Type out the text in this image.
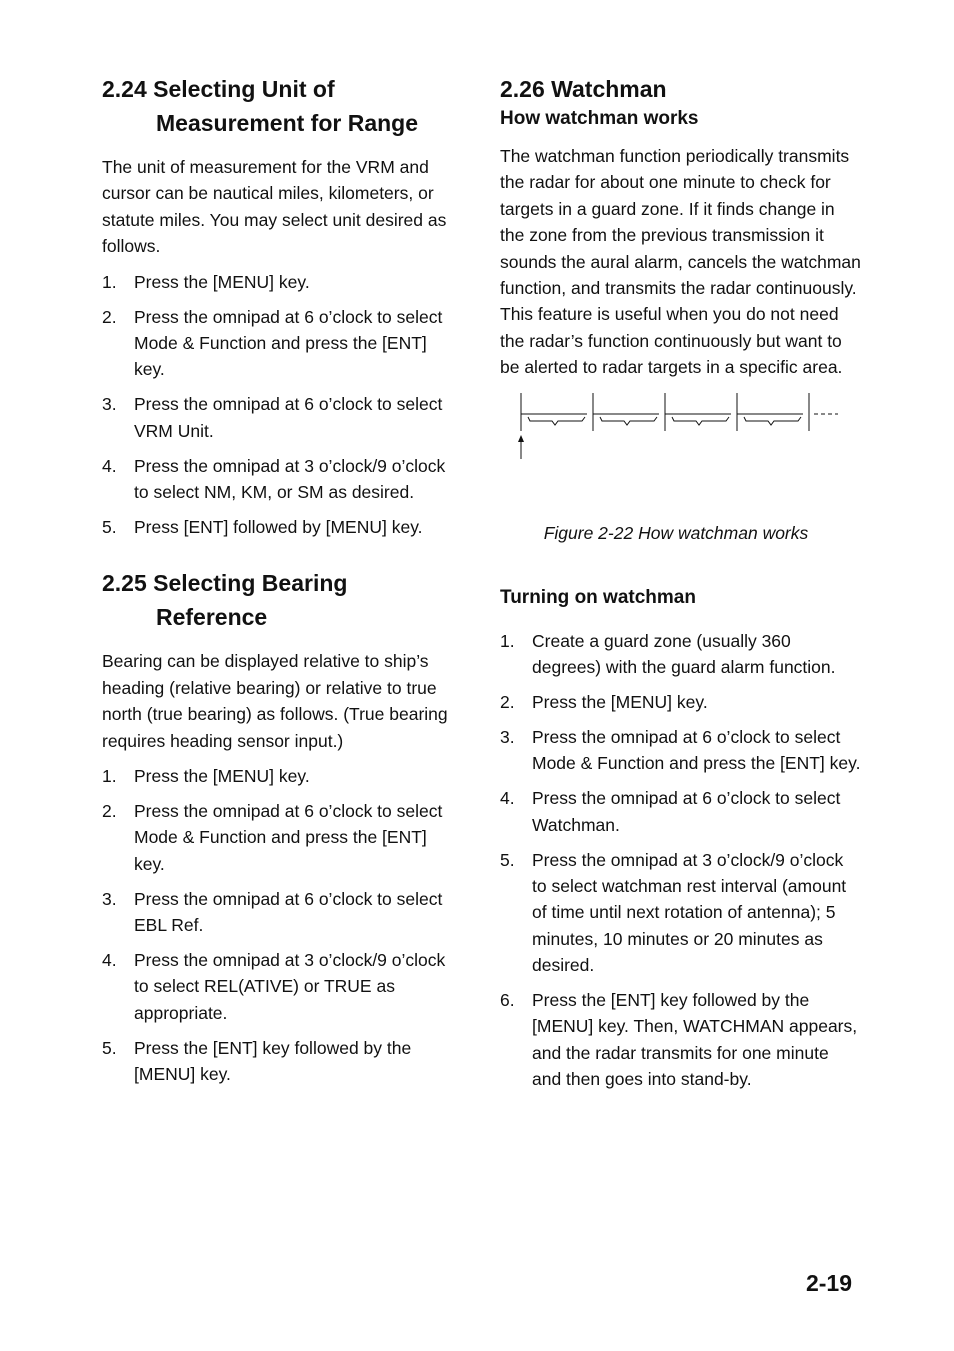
2.24 Selecting Unit of Measurement for Range

The unit of measurement for the VRM and cursor can be nautical miles, kilometers, or statute miles. You may select unit desired as follows.

1. Press the [MENU] key.
2. Press the omnipad at 6 o’clock to select Mode & Function and press the [ENT] key.
3. Press the omnipad at 6 o’clock to select VRM Unit.
4. Press the omnipad at 3 o’clock/9 o’clock to select NM, KM, or SM as desired.
5. Press [ENT] followed by [MENU] key.
2.25 Selecting Bearing Reference

Bearing can be displayed relative to ship’s heading (relative bearing) or relative to true north (true bearing) as follows. (True bearing requires heading sensor input.)

1. Press the [MENU] key.
2. Press the omnipad at 6 o’clock to select Mode & Function and press the [ENT] key.
3. Press the omnipad at 6 o’clock to select EBL Ref.
4. Press the omnipad at 3 o’clock/9 o’clock to select REL(ATIVE) or TRUE as appropriate.
5. Press the [ENT] key followed by the [MENU] key.
2.26 Watchman
How watchman works

The watchman function periodically transmits the radar for about one minute to check for targets in a guard zone. If it finds change in the zone from the previous transmission it sounds the aural alarm, cancels the watchman function, and transmits the radar continuously. This feature is useful when you do not need the radar’s function continuously but want to be alerted to radar targets in a specific area.

Figure 2-22 How watchman works
Turning on watchman
1. Create a guard zone (usually 360 degrees) with the guard alarm function.
2. Press the [MENU] key.
3. Press the omnipad at 6 o’clock to select Mode & Function and press the [ENT] key.
4. Press the omnipad at 6 o’clock to select Watchman.
5. Press the omnipad at 3 o’clock/9 o’clock to select watchman rest interval (amount of time until next rotation of antenna); 5 minutes, 10 minutes or 20 minutes as desired.
6. Press the [ENT] key followed by the [MENU] key. Then, WATCHMAN appears, and the radar transmits for one minute and then goes into stand-by.
2-19
